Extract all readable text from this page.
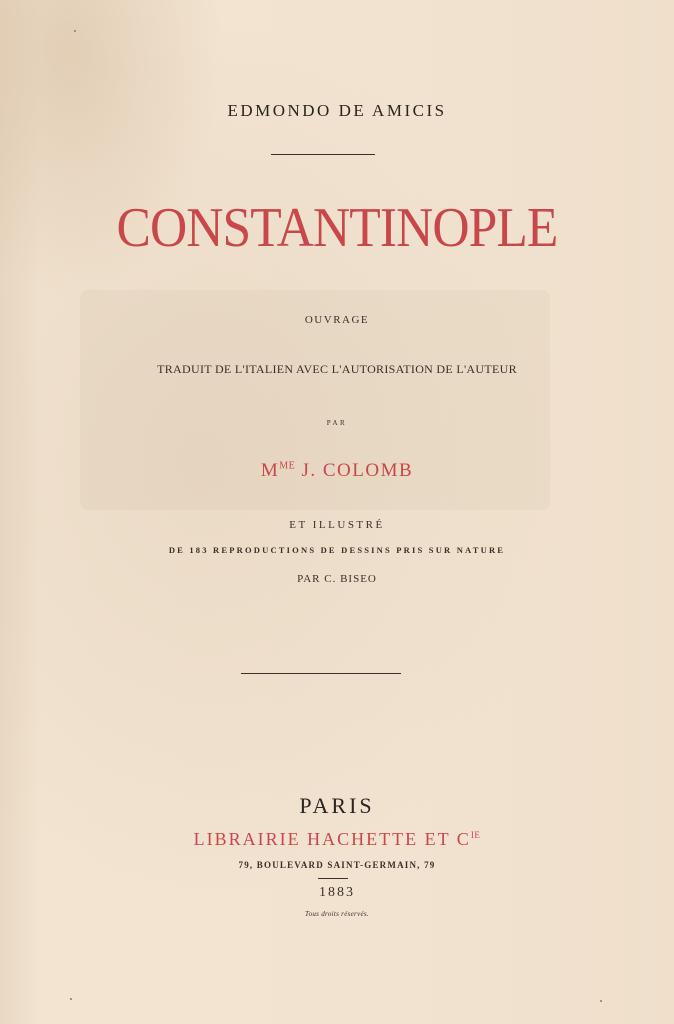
EDMONDO DE AMICIS
CONSTANTINOPLE
OUVRAGE
TRADUIT DE L'ITALIEN AVEC L'AUTORISATION DE L'AUTEUR
PAR
$M^{ME}$ J. COLOMB
ET ILLUSTRÉ
DE 183 REPRODUCTIONS DE DESSINS PRIS SUR NATURE
PAR C. BISEO
PARIS
LIBRAIRIE HACHETTE ET $C^{IE}$
79, BOULEVARD SAINT-GERMAIN, 79
1883
Tous droits réservés.
